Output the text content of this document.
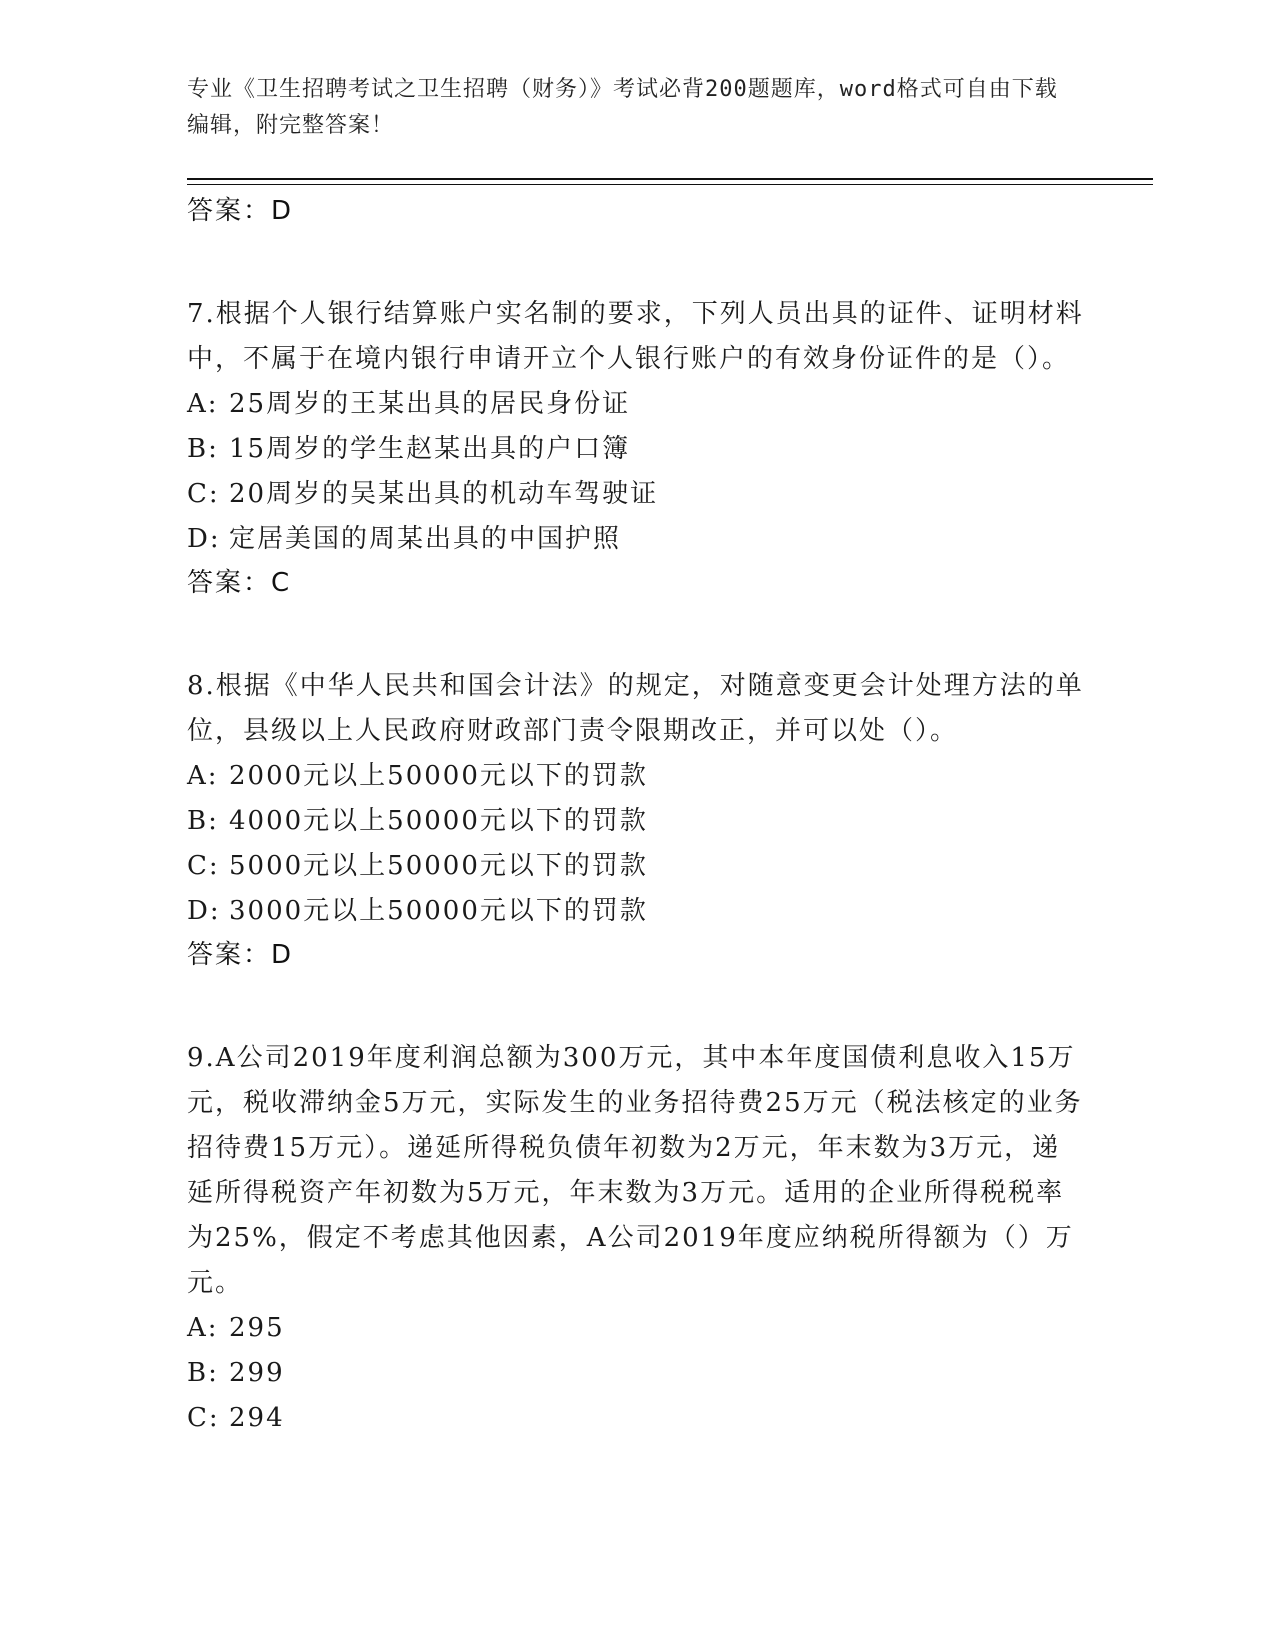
专业《卫生招聘考试之卫生招聘（财务）》考试必背200题题库，word格式可自由下载编辑，附完整答案！

答案：D

7.根据个人银行结算账户实名制的要求，下列人员出具的证件、证明材料中，不属于在境内银行申请开立个人银行账户的有效身份证件的是（）。

A: 25周岁的王某出具的居民身份证

B: 15周岁的学生赵某出具的户口簿

C: 20周岁的吴某出具的机动车驾驶证

D: 定居美国的周某出具的中国护照

答案：C

8.根据《中华人民共和国会计法》的规定，对随意变更会计处理方法的单位，县级以上人民政府财政部门责令限期改正，并可以处（）。

A: 2000元以上50000元以下的罚款

B: 4000元以上50000元以下的罚款

C: 5000元以上50000元以下的罚款

D: 3000元以上50000元以下的罚款

答案：D

9.A公司2019年度利润总额为300万元，其中本年度国债利息收入15万元，税收滞纳金5万元，实际发生的业务招待费25万元（税法核定的业务招待费15万元）。递延所得税负债年初数为2万元，年末数为3万元，递延所得税资产年初数为5万元，年末数为3万元。适用的企业所得税税率为25%，假定不考虑其他因素，A公司2019年度应纳税所得额为（）万元。

A: 295

B: 299

C: 294
